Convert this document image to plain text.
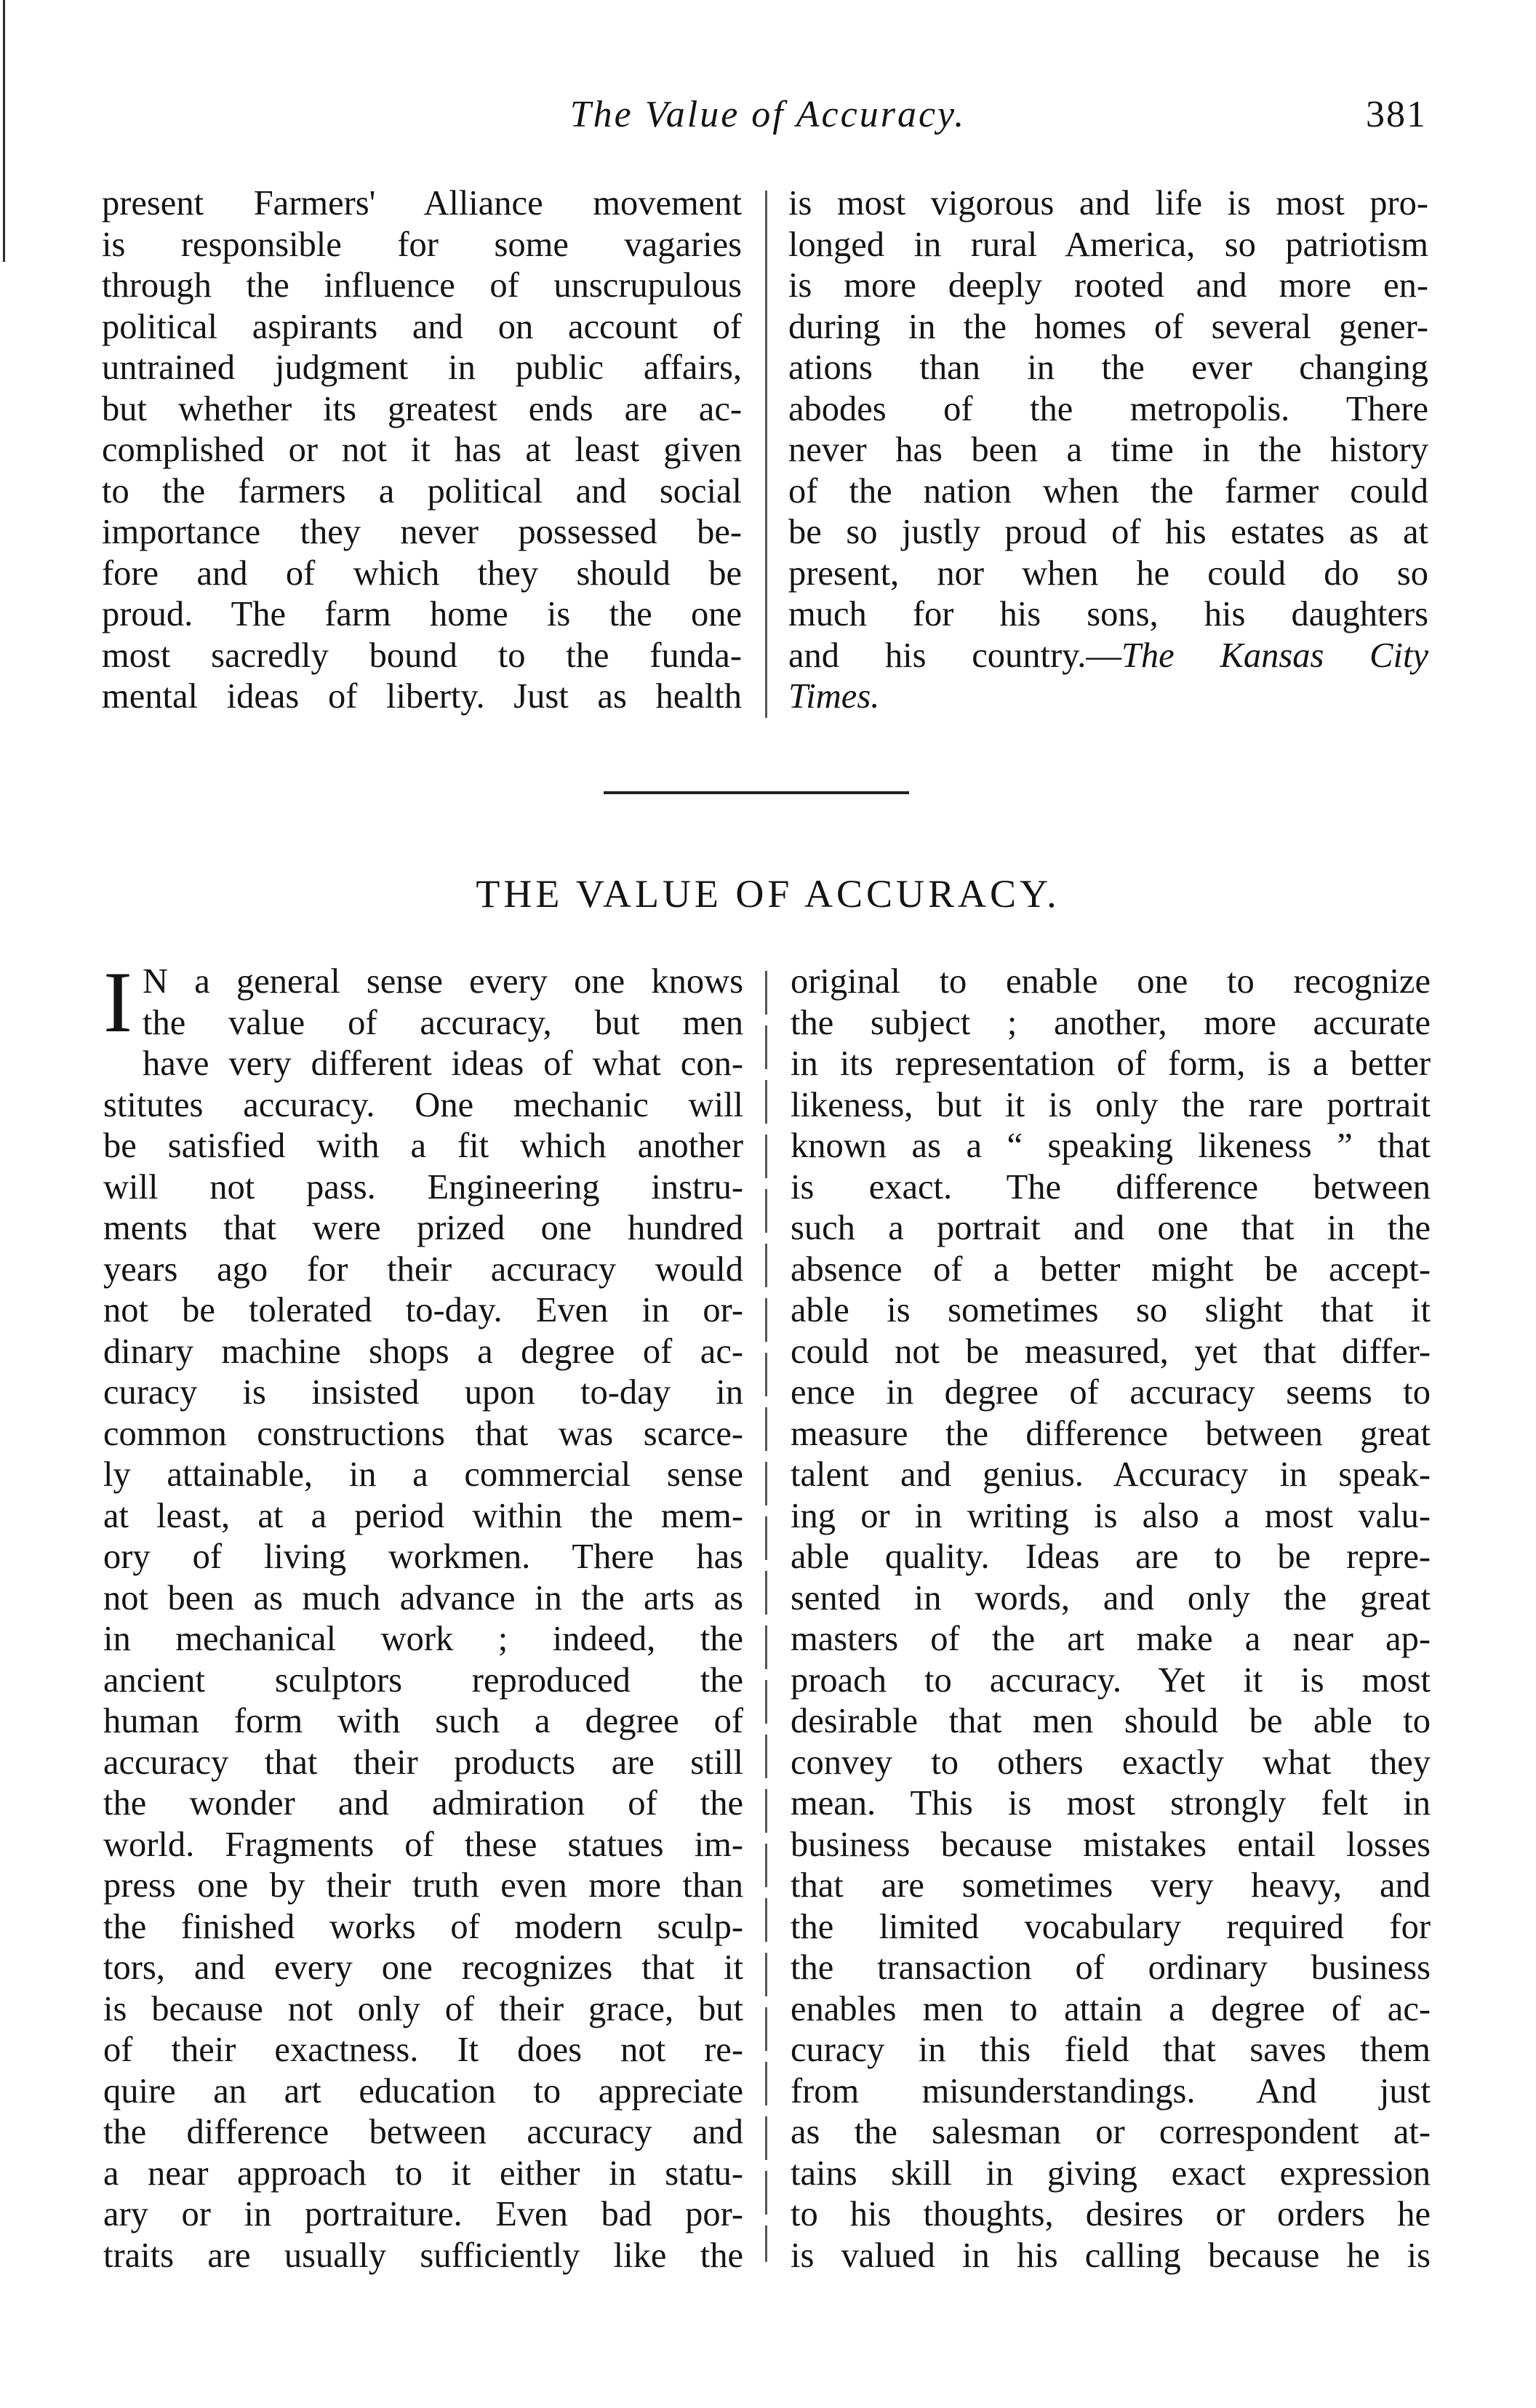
The Value of Accuracy.	381
present Farmers' Alliance movement
is responsible for some vagaries
through the influence of unscrupulous
political aspirants and on account of
untrained judgment in public affairs,
but whether its greatest ends are ac-
complished or not it has at least given
to the farmers a political and social
importance they never possessed be-
fore and of which they should be
proud. The farm home is the one
most sacredly bound to the funda-
mental ideas of liberty. Just as health
is most vigorous and life is most pro-
longed in rural America, so patriotism
is more deeply rooted and more en-
during in the homes of several gener-
ations than in the ever changing
abodes of the metropolis. There
never has been a time in the history
of the nation when the farmer could
be so justly proud of his estates as at
present, nor when he could do so
much for his sons, his daughters
and his country.—The Kansas City
Times.
THE VALUE OF ACCURACY.
I N a general sense every one knows
the value of accuracy, but men
have very different ideas of what con-
stitutes accuracy. One mechanic will
be satisfied with a fit which another
will not pass. Engineering instru-
ments that were prized one hundred
years ago for their accuracy would
not be tolerated to-day. Even in or-
dinary machine shops a degree of ac-
curacy is insisted upon to-day in
common constructions that was scarce-
ly attainable, in a commercial sense
at least, at a period within the mem-
ory of living workmen. There has
not been as much advance in the arts as
in mechanical work ; indeed, the
ancient sculptors reproduced the
human form with such a degree of
accuracy that their products are still
the wonder and admiration of the
world. Fragments of these statues im-
press one by their truth even more than
the finished works of modern sculp-
tors, and every one recognizes that it
is because not only of their grace, but
of their exactness. It does not re-
quire an art education to appreciate
the difference between accuracy and
a near approach to it either in statu-
ary or in portraiture. Even bad por-
traits are usually sufficiently like the
original to enable one to recognize
the subject ; another, more accurate
in its representation of form, is a better
likeness, but it is only the rare portrait
known as a “ speaking likeness ” that
is exact. The difference between
such a portrait and one that in the
absence of a better might be accept-
able is sometimes so slight that it
could not be measured, yet that differ-
ence in degree of accuracy seems to
measure the difference between great
talent and genius. Accuracy in speak-
ing or in writing is also a most valu-
able quality. Ideas are to be repre-
sented in words, and only the great
masters of the art make a near ap-
proach to accuracy. Yet it is most
desirable that men should be able to
convey to others exactly what they
mean. This is most strongly felt in
business because mistakes entail losses
that are sometimes very heavy, and
the limited vocabulary required for
the transaction of ordinary business
enables men to attain a degree of ac-
curacy in this field that saves them
from misunderstandings. And just
as the salesman or correspondent at-
tains skill in giving exact expression
to his thoughts, desires or orders he
is valued in his calling because he is
